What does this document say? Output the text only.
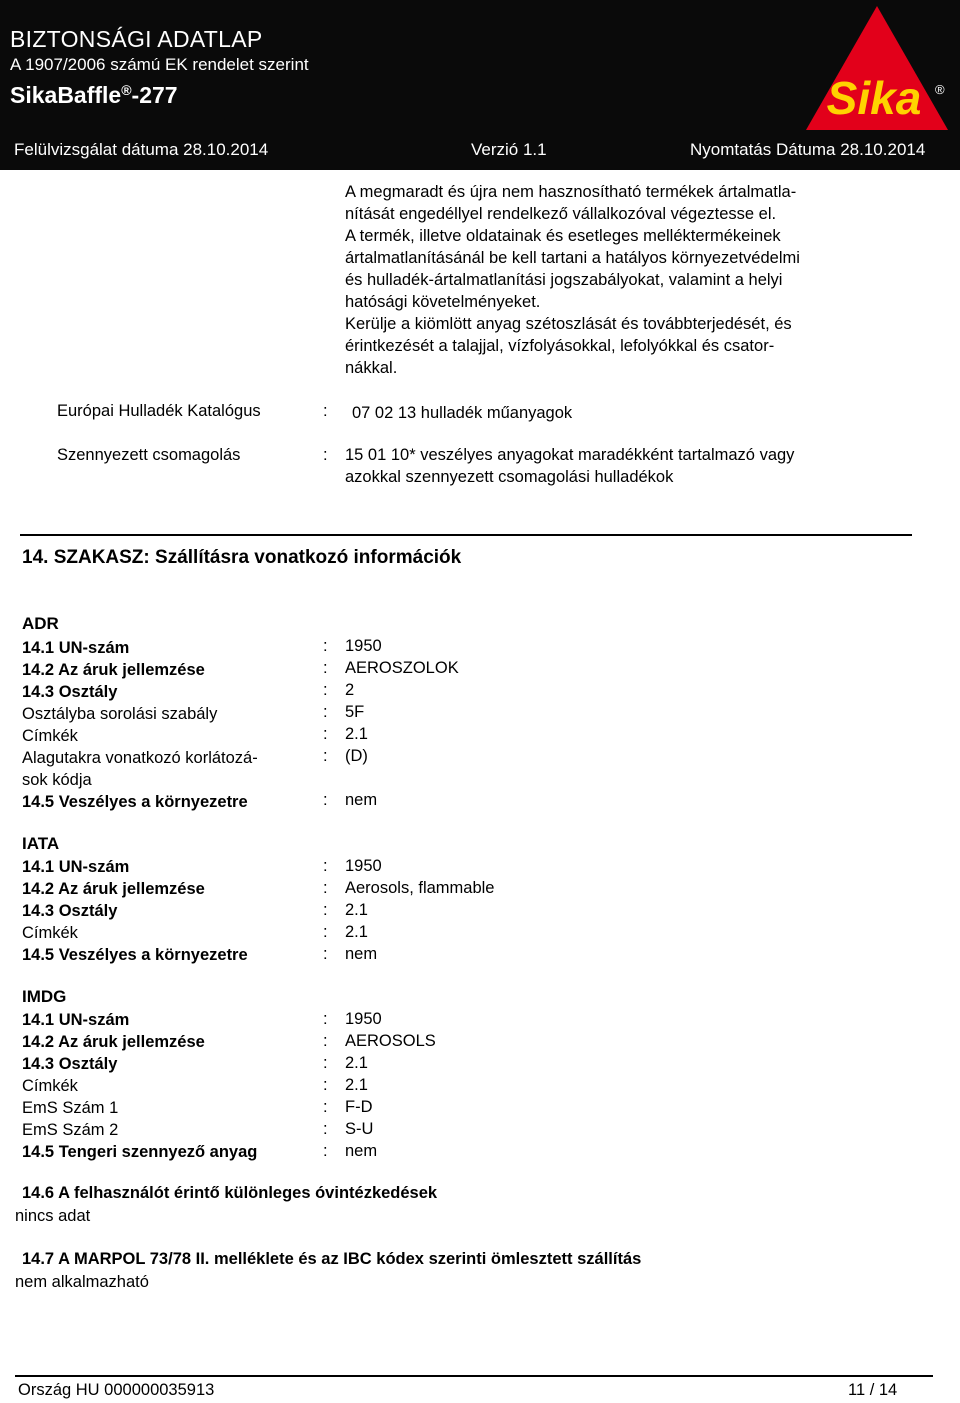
BIZTONSÁGI ADATLAP
A 1907/2006 számú EK rendelet szerint
SikaBaffle®-277
Felülvizsgálat dátuma 28.10.2014	Verzió 1.1	Nyomtatás Dátuma 28.10.2014
Sika ®
A megmaradt és újra nem hasznosítható termékek ártalmatla-
nítását engedéllyel rendelkező vállalkozóval végeztesse el.
A termék, illetve oldatainak és esetleges melléktermékeinek
ártalmatlanításánál be kell tartani a hatályos környezetvédelmi
és hulladék-ártalmatlanítási jogszabályokat, valamint a helyi
hatósági követelményeket.
Kerülje a kiömlött anyag szétoszlását és továbbterjedését, és
érintkezését a talajjal, vízfolyásokkal, lefolyókkal és csator-
nákkal.
Európai Hulladék Katalógus	: 07 02 13 hulladék műanyagok
Szennyezett csomagolás	: 15 01 10* veszélyes anyagokat maradékként tartalmazó vagy
azokkal szennyezett csomagolási hulladékok
14. SZAKASZ: Szállításra vonatkozó információk
ADR
14.1 UN-szám	: 1950
14.2 Az áruk jellemzése	: AEROSZOLOK
14.3 Osztály	: 2
Osztályba sorolási szabály	: 5F
Címkék	: 2.1
Alagutakra vonatkozó korlátozá-
sok kódja
: (D)
14.5 Veszélyes a környezetre	: nem
IATA
14.1 UN-szám	: 1950
14.2 Az áruk jellemzése	: Aerosols, flammable
14.3 Osztály	: 2.1
Címkék	: 2.1
14.5 Veszélyes a környezetre	: nem
IMDG
14.1 UN-szám	: 1950
14.2 Az áruk jellemzése	: AEROSOLS
14.3 Osztály	: 2.1
Címkék	: 2.1
EmS Szám 1	: F-D
EmS Szám 2	: S-U
14.5 Tengeri szennyező anyag	: nem
14.6 A felhasználót érintő különleges óvintézkedések
nincs adat
14.7 A MARPOL 73/78 II. melléklete és az IBC kódex szerinti ömlesztett szállítás
nem alkalmazható
Ország HU 000000035913	11 / 14
